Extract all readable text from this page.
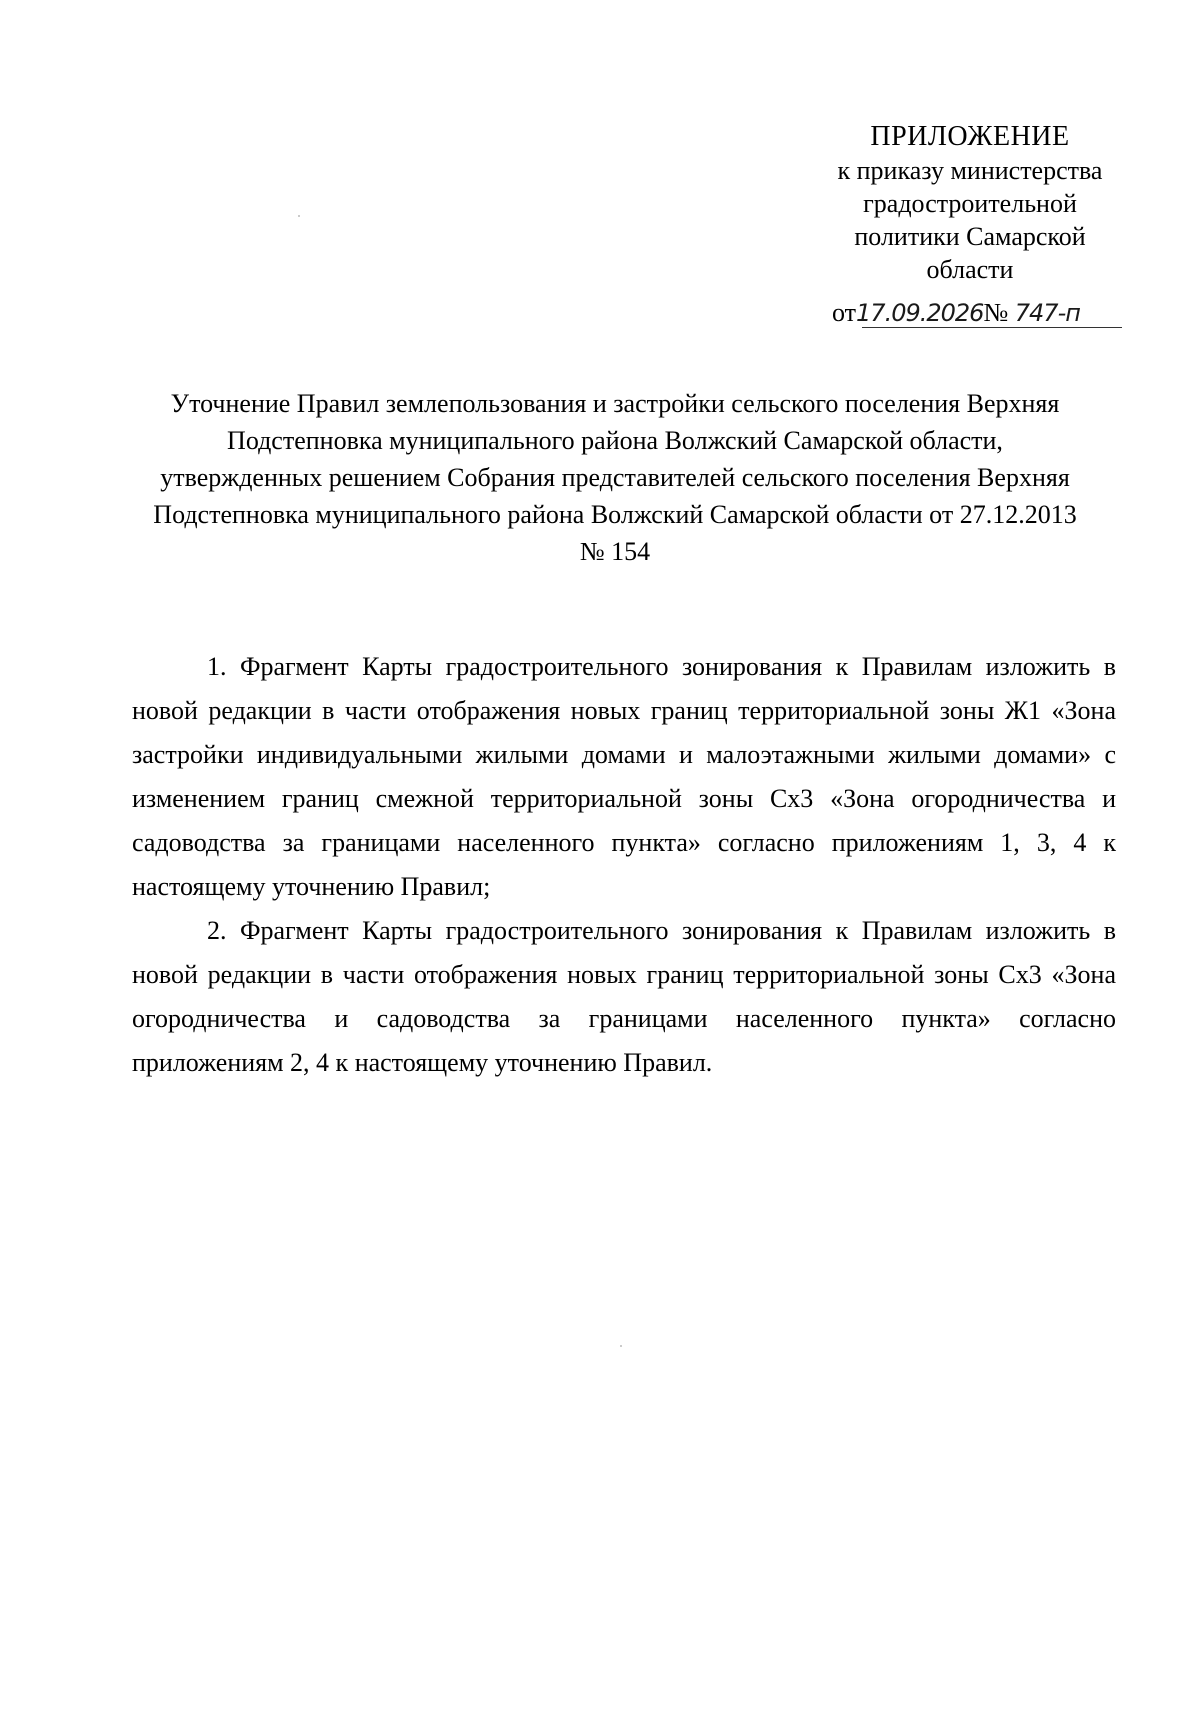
ПРИЛОЖЕНИЕ
к приказу министерства
градостроительной
политики Самарской
области
от17.09.2026№ 747-п
Уточнение Правил землепользования и застройки сельского поселения Верхняя Подстепновка муниципального района Волжский Самарской области, утвержденных решением Собрания представителей сельского поселения Верхняя Подстепновка муниципального района Волжский Самарской области от 27.12.2013 № 154

1. Фрагмент Карты градостроительного зонирования к Правилам изложить в новой редакции в части отображения новых границ территориальной зоны Ж1 «Зона застройки индивидуальными жилыми домами и малоэтажными жилыми домами» с изменением границ смежной территориальной зоны Сх3 «Зона огородничества и садоводства за границами населенного пункта» согласно приложениям 1, 3, 4 к настоящему уточнению Правил;

2. Фрагмент Карты градостроительного зонирования к Правилам изложить в новой редакции в части отображения новых границ территориальной зоны Сх3 «Зона огородничества и садоводства за границами населенного пункта» согласно приложениям 2, 4 к настоящему уточнению Правил.
